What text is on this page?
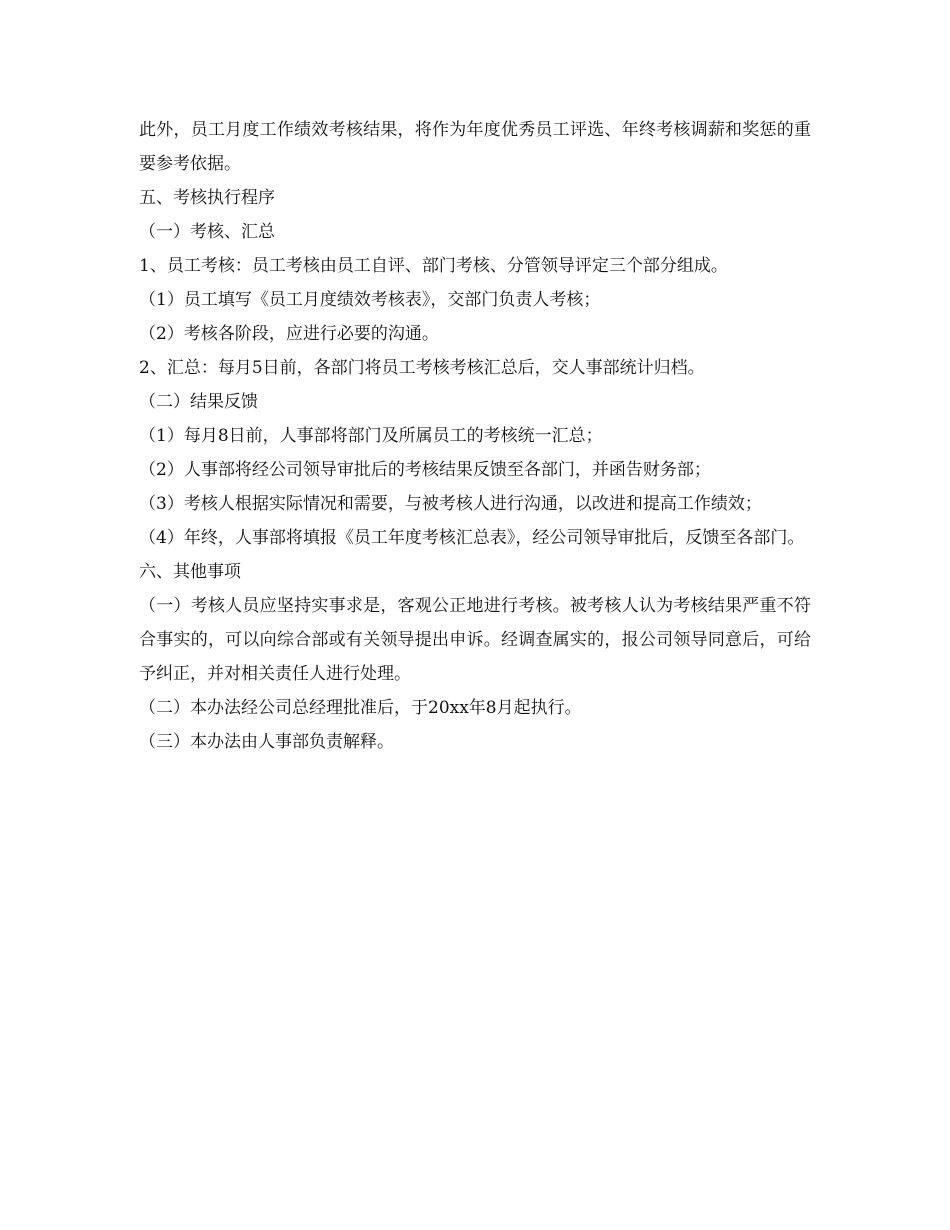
此外，员工月度工作绩效考核结果，将作为年度优秀员工评选、年终考核调薪和奖惩的重要参考依据。

五、考核执行程序

（一）考核、汇总

1、员工考核：员工考核由员工自评、部门考核、分管领导评定三个部分组成。

（1）员工填写《员工月度绩效考核表》，交部门负责人考核；

（2）考核各阶段，应进行必要的沟通。

2、汇总：每月5日前，各部门将员工考核考核汇总后，交人事部统计归档。

（二）结果反馈

（1）每月8日前，人事部将部门及所属员工的考核统一汇总；

（2）人事部将经公司领导审批后的考核结果反馈至各部门，并函告财务部；

（3）考核人根据实际情况和需要，与被考核人进行沟通，以改进和提高工作绩效；

（4）年终，人事部将填报《员工年度考核汇总表》，经公司领导审批后，反馈至各部门。

六、其他事项

（一）考核人员应坚持实事求是，客观公正地进行考核。被考核人认为考核结果严重不符合事实的，可以向综合部或有关领导提出申诉。经调查属实的，报公司领导同意后，可给予纠正，并对相关责任人进行处理。

（二）本办法经公司总经理批准后，于20xx年8月起执行。

（三）本办法由人事部负责解释。
